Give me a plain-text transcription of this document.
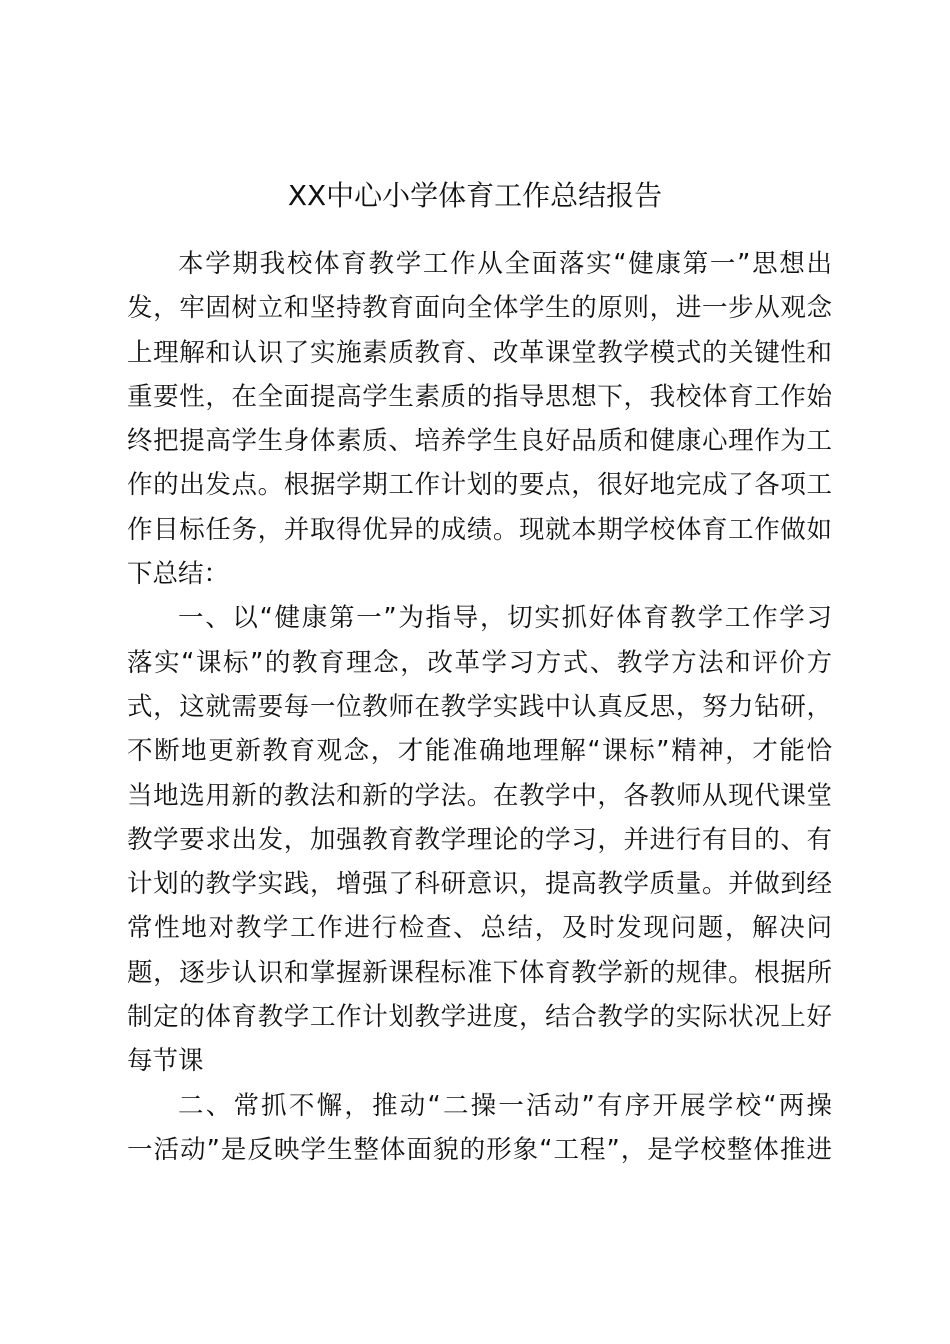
XX中心小学体育工作总结报告
本学期我校体育教学工作从全面落实“健康第一”思想出
发，牢固树立和坚持教育面向全体学生的原则，进一步从观念
上理解和认识了实施素质教育、改革课堂教学模式的关键性和
重要性，在全面提高学生素质的指导思想下，我校体育工作始
终把提高学生身体素质、培养学生良好品质和健康心理作为工
作的出发点。根据学期工作计划的要点，很好地完成了各项工
作目标任务，并取得优异的成绩。现就本期学校体育工作做如
下总结：
一、以“健康第一”为指导，切实抓好体育教学工作学习
落实“课标”的教育理念，改革学习方式、教学方法和评价方
式，这就需要每一位教师在教学实践中认真反思，努力钻研，
不断地更新教育观念，才能准确地理解“课标”精神，才能恰
当地选用新的教法和新的学法。在教学中，各教师从现代课堂
教学要求出发，加强教育教学理论的学习，并进行有目的、有
计划的教学实践，增强了科研意识，提高教学质量。并做到经
常性地对教学工作进行检查、总结，及时发现问题，解决问
题，逐步认识和掌握新课程标准下体育教学新的规律。根据所
制定的体育教学工作计划教学进度，结合教学的实际状况上好
每节课
二、常抓不懈，推动“二操一活动”有序开展学校“两操
一活动”是反映学生整体面貌的形象“工程”，是学校整体推进
